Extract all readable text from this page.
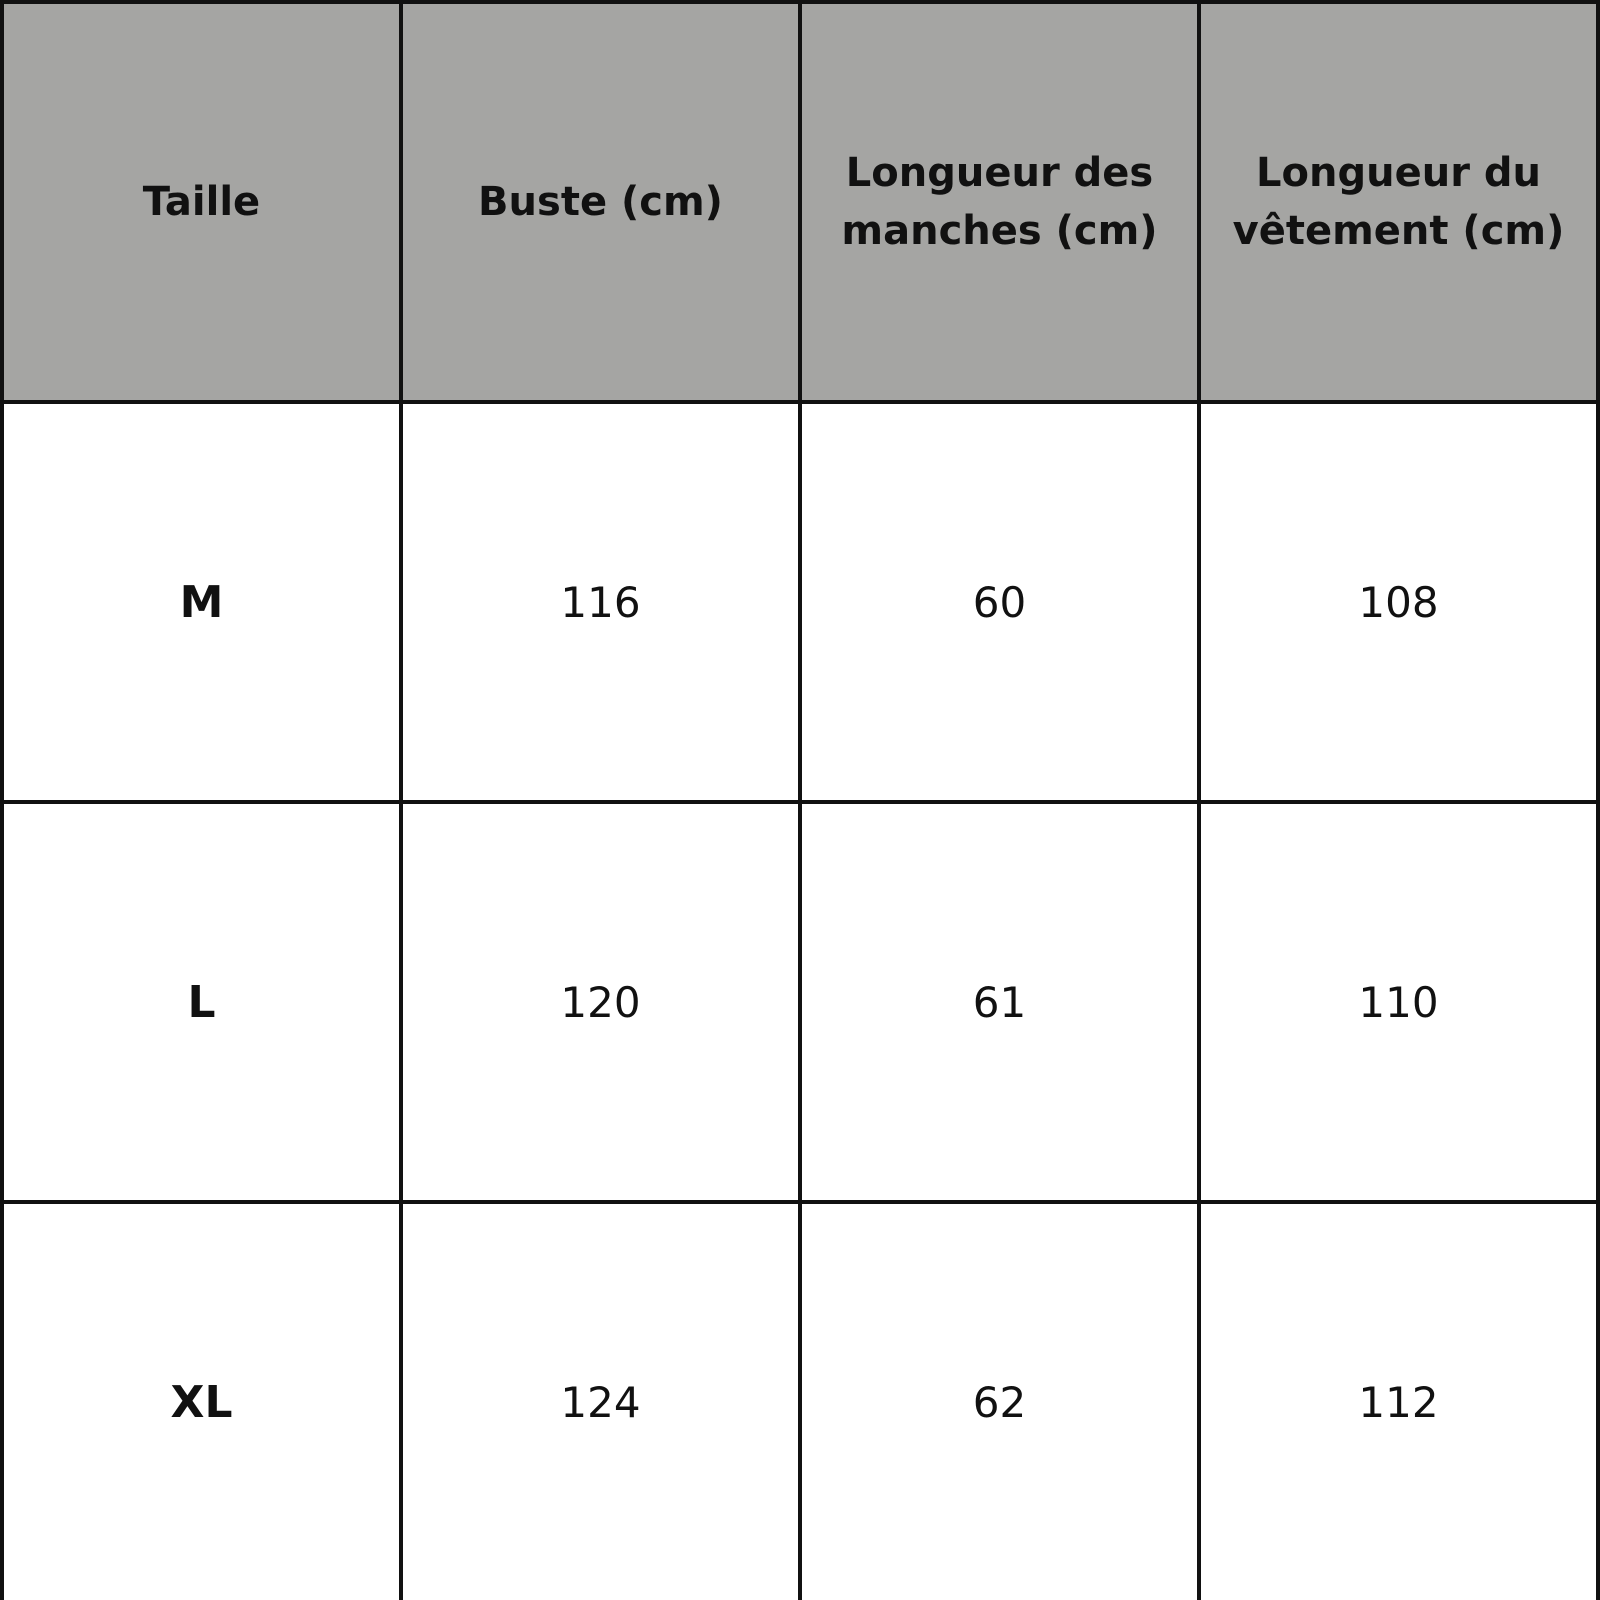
Taille	Buste (cm)	Longueur des manches (cm)	Longueur du vêtement (cm)
M	116	60	108
L	120	61	110
XL	124	62	112
